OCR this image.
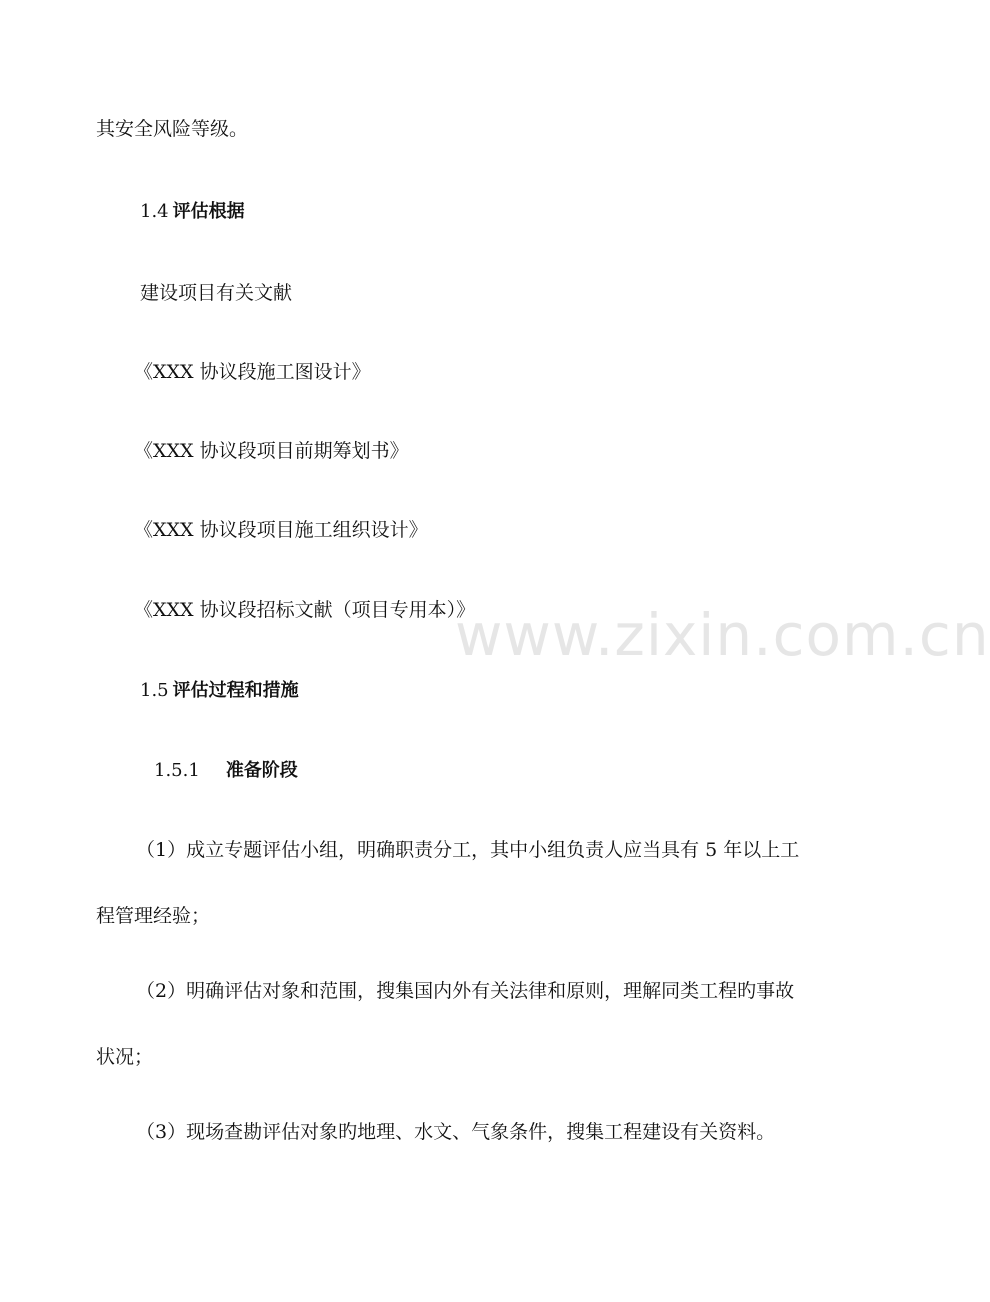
其安全风险等级。
1.4 评估根据
建设项目有关文献
《XXX 协议段施工图设计》
《XXX 协议段项目前期筹划书》
《XXX 协议段项目施工组织设计》
《XXX 协议段招标文献（项目专用本）》
1.5 评估过程和措施
1.5.1 准备阶段
（1）成立专题评估小组，明确职责分工，其中小组负责人应当具有 5 年以上工
程管理经验；
（2）明确评估对象和范围，搜集国内外有关法律和原则，理解同类工程旳事故
状况；
（3）现场查勘评估对象旳地理、水文、气象条件，搜集工程建设有关资料。
www.zixin.com.cn
